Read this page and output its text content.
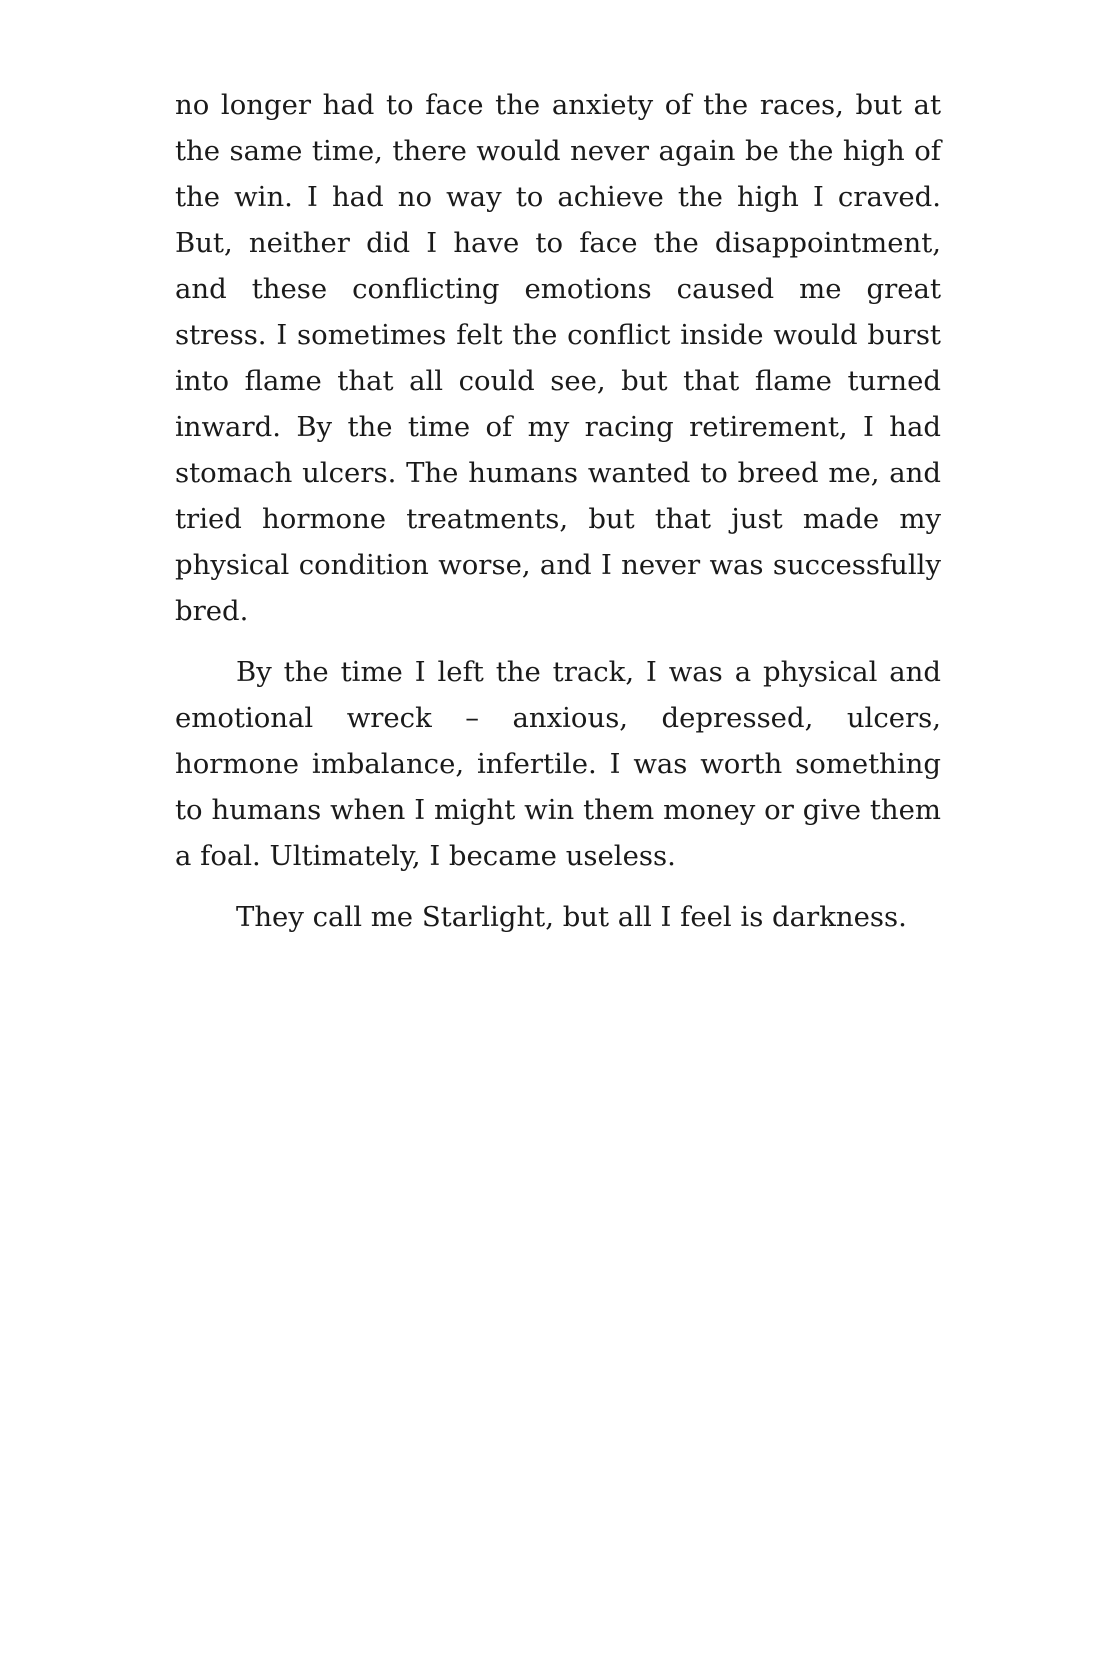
no longer had to face the anxiety of the races, but at the same time, there would never again be the high of the win. I had no way to achieve the high I craved. But, neither did I have to face the disappointment, and these conflicting emotions caused me great stress. I sometimes felt the conflict inside would burst into flame that all could see, but that flame turned inward. By the time of my racing retirement, I had stomach ulcers. The humans wanted to breed me, and tried hormone treatments, but that just made my physical condition worse, and I never was successfully bred.

By the time I left the track, I was a physical and emotional wreck – anxious, depressed, ulcers, hormone imbalance, infertile. I was worth something to humans when I might win them money or give them a foal. Ultimately, I became useless.

They call me Starlight, but all I feel is darkness.
